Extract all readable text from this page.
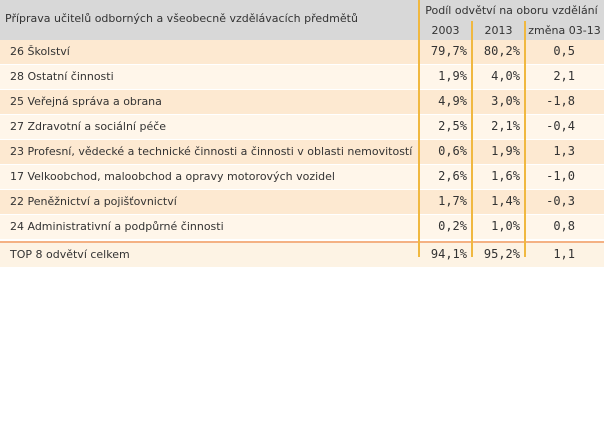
Příprava učitelů odborných a všeobecně vzdělávacích předmětů
Podíl odvětví na oboru vzdělání
2003	2013	změna 03-13
26 Školství	79,7%	80,2%	0,5
28 Ostatní činnosti	1,9%	4,0%	2,1
25 Veřejná správa a obrana	4,9%	3,0%	-1,8
27 Zdravotní a sociální péče	2,5%	2,1%	-0,4
23 Profesní, vědecké a technické činnosti a činnosti v oblasti nemovitostí	0,6%	1,9%	1,3
17 Velkoobchod, maloobchod a opravy motorových vozidel	2,6%	1,6%	-1,0
22 Peněžnictví a pojišťovnictví	1,7%	1,4%	-0,3
24 Administrativní a podpůrné činnosti	0,2%	1,0%	0,8
TOP 8 odvětví celkem	94,1%	95,2%	1,1
